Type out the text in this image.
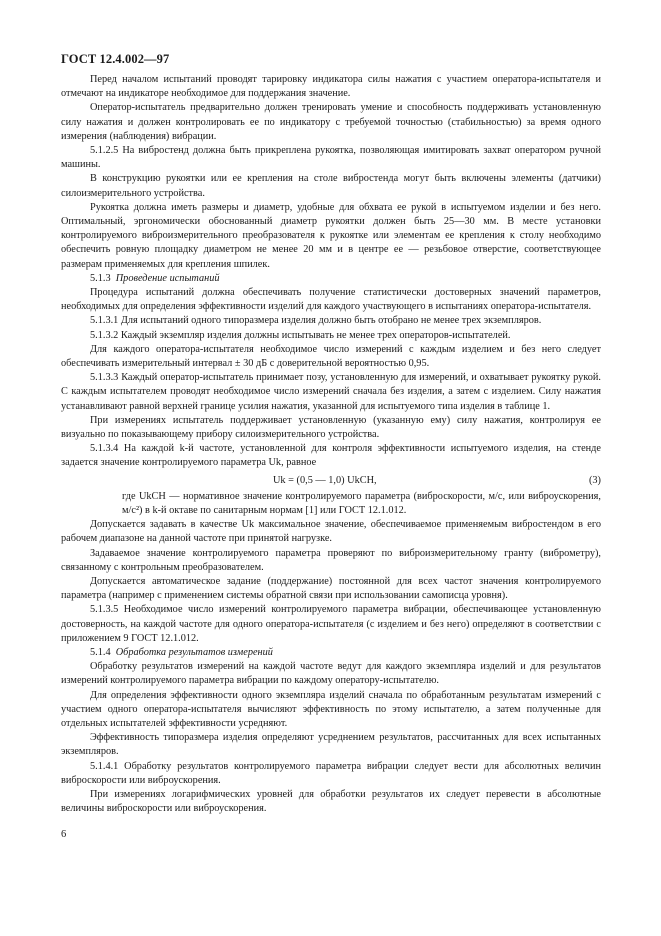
ГОСТ 12.4.002—97

Перед началом испытаний проводят тарировку индикатора силы нажатия с участием оператора-испытателя и отмечают на индикаторе необходимое для поддержания значение.

Оператор-испытатель предварительно должен тренировать умение и способность поддерживать установленную силу нажатия и должен контролировать ее по индикатору с требуемой точностью (стабильностью) за время одного измерения (наблюдения) вибрации.

5.1.2.5 На вибростенд должна быть прикреплена рукоятка, позволяющая имитировать захват оператором ручной машины.

В конструкцию рукоятки или ее крепления на столе вибростенда могут быть включены элементы (датчики) силоизмерительного устройства.

Рукоятка должна иметь размеры и диаметр, удобные для обхвата ее рукой в испытуемом изделии и без него. Оптимальный, эргономически обоснованный диаметр рукоятки должен быть 25—30 мм. В месте установки контролируемого виброизмерительного преобразователя к рукоятке или элементам ее крепления к столу необходимо обеспечить ровную площадку диаметром не менее 20 мм и в центре ее — резьбовое отверстие, соответствующее размерам применяемых для крепления шпилек.

5.1.3 Проведение испытаний

Процедура испытаний должна обеспечивать получение статистически достоверных значений параметров, необходимых для определения эффективности изделий для каждого участвующего в испытаниях оператора-испытателя.

5.1.3.1 Для испытаний одного типоразмера изделия должно быть отобрано не менее трех экземпляров.

5.1.3.2 Каждый экземпляр изделия должны испытывать не менее трех операторов-испытателей.

Для каждого оператора-испытателя необходимое число измерений с каждым изделием и без него следует обеспечивать измерительный интервал ± 30 дБ с доверительной вероятностью 0,95.

5.1.3.3 Каждый оператор-испытатель принимает позу, установленную для измерений, и охватывает рукоятку рукой. С каждым испытателем проводят необходимое число измерений сначала без изделия, а затем с изделием. Силу нажатия устанавливают равной верхней границе усилия нажатия, указанной для испытуемого типа изделия в таблице 1.

При измерениях испытатель поддерживает установленную (указанную ему) силу нажатия, контролируя ее визуально по показывающему прибору силоизмерительного устройства.

5.1.3.4 На каждой k-й частоте, установленной для контроля эффективности испытуемого изделия, на стенде задается значение контролируемого параметра Uk, равное

Uk = (0,5 — 1,0) UkСН,	(3)

где UkСН — нормативное значение контролируемого параметра (виброскорости, м/с, или виброускорения, м/с²) в k-й октаве по санитарным нормам [1] или ГОСТ 12.1.012.

Допускается задавать в качестве Uk максимальное значение, обеспечиваемое применяемым вибростендом в его рабочем диапазоне на данной частоте при принятой нагрузке.

Задаваемое значение контролируемого параметра проверяют по виброизмерительному гранту (виброметру), связанному с контрольным преобразователем.

Допускается автоматическое задание (поддержание) постоянной для всех частот значения контролируемого параметра (например с применением системы обратной связи при использовании самописца уровня).

5.1.3.5 Необходимое число измерений контролируемого параметра вибрации, обеспечивающее установленную достоверность, на каждой частоте для одного оператора-испытателя (с изделием и без него) определяют в соответствии с приложением 9 ГОСТ 12.1.012.

5.1.4 Обработка результатов измерений

Обработку результатов измерений на каждой частоте ведут для каждого экземпляра изделий и для результатов измерений контролируемого параметра вибрации по каждому оператору-испытателю.

Для определения эффективности одного экземпляра изделий сначала по обработанным результатам измерений с участием одного оператора-испытателя вычисляют эффективность по этому испытателю, а затем полученные для отдельных испытателей эффективности усредняют.

Эффективность типоразмера изделия определяют усреднением результатов, рассчитанных для всех испытанных экземпляров.

5.1.4.1 Обработку результатов контролируемого параметра вибрации следует вести для абсолютных величин виброскорости или виброускорения.

При измерениях логарифмических уровней для обработки результатов их следует перевести в абсолютные величины виброскорости или виброускорения.

6
